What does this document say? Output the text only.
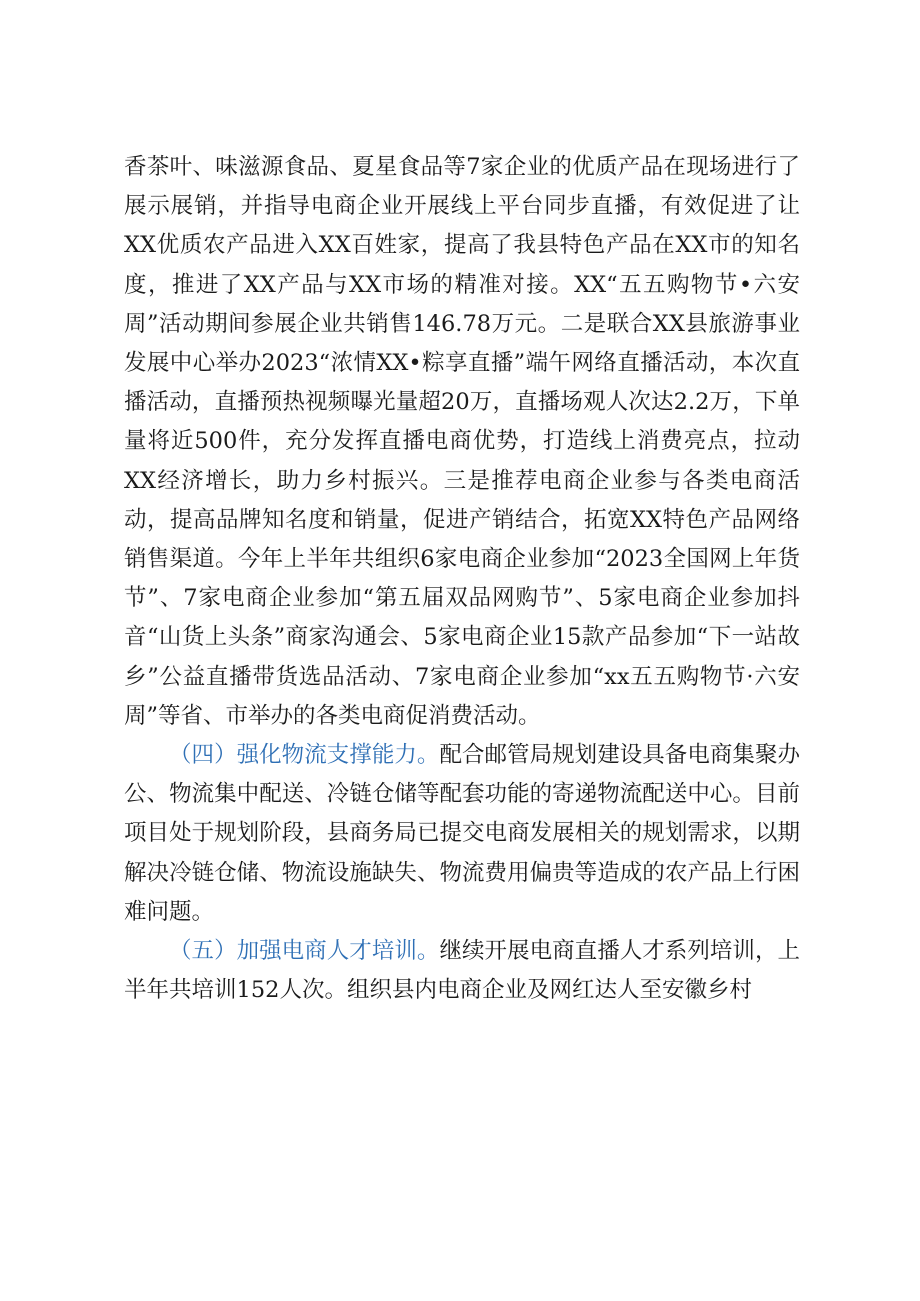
香茶叶、味滋源食品、夏星食品等7家企业的优质产品在现场进行了展示展销，并指导电商企业开展线上平台同步直播，有效促进了让XX优质农产品进入XX百姓家，提高了我县特色产品在XX市的知名度，推进了XX产品与XX市场的精准对接。XX“五五购物节•六安周”活动期间参展企业共销售146.78万元。二是联合XX县旅游事业发展中心举办2023“浓情XX•粽享直播”端午网络直播活动，本次直播活动，直播预热视频曝光量超20万，直播场观人次达2.2万，下单量将近500件，充分发挥直播电商优势，打造线上消费亮点，拉动XX经济增长，助力乡村振兴。三是推荐电商企业参与各类电商活动，提高品牌知名度和销量，促进产销结合，拓宽XX特色产品网络销售渠道。今年上半年共组织6家电商企业参加“2023全国网上年货节”、7家电商企业参加“第五届双品网购节”、5家电商企业参加抖音“山货上头条”商家沟通会、5家电商企业15款产品参加“下一站故乡”公益直播带货选品活动、7家电商企业参加“xx五五购物节·六安周”等省、市举办的各类电商促消费活动。

（四）强化物流支撑能力。配合邮管局规划建设具备电商集聚办公、物流集中配送、冷链仓储等配套功能的寄递物流配送中心。目前项目处于规划阶段，县商务局已提交电商发展相关的规划需求，以期解决冷链仓储、物流设施缺失、物流费用偏贵等造成的农产品上行困难问题。

（五）加强电商人才培训。继续开展电商直播人才系列培训，上半年共培训152人次。组织县内电商企业及网红达人至安徽乡村
